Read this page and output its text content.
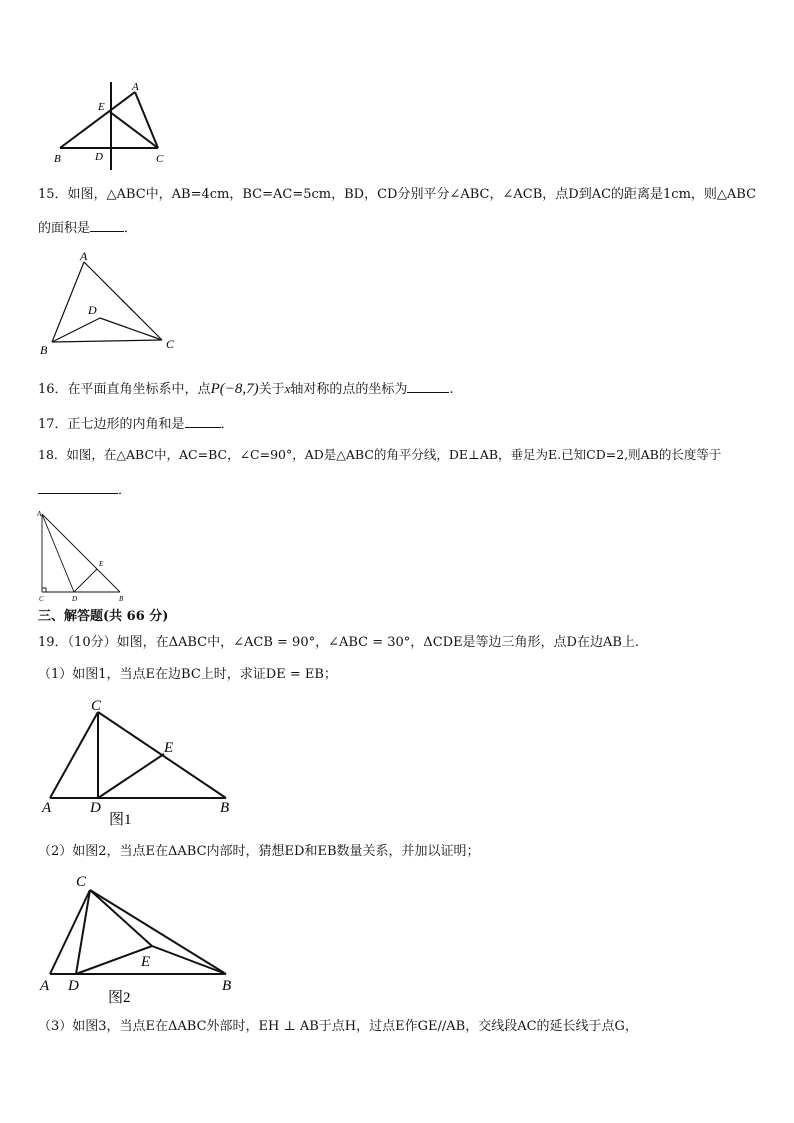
A
E
B	D	C
15．如图，△ABC中，AB=4cm，BC=AC=5cm，BD，CD分别平分∠ABC，∠ACB，点D到AC的距离是1cm，则△ABC
的面积是	．
A
D
B	C
16．在平面直角坐标系中，点P(−8,7)关于x轴对称的点的坐标为	.
17．正七边形的内角和是	．
18．如图，在△ABC中，AC=BC，∠C=90°，AD是△ABC的角平分线，DE⊥AB，垂足为E.已知CD=2,则AB的长度等于
．
A
E
C	D	B
三、解答题(共 66 分)
19．（10分）如图，在ΔABC中，∠ACB = 90°，∠ABC = 30°，ΔCDE是等边三角形，点D在边AB上.
（1）如图1，当点E在边BC上时，求证DE = EB；
C
E
A	D	B
图1
（2）如图2，当点E在ΔABC内部时，猜想ED和EB数量关系，并加以证明；
C
E
A D	B
图2
（3）如图3，当点E在ΔABC外部时，EH ⊥ AB于点H，过点E作GE//AB，交线段AC的延长线于点G，
